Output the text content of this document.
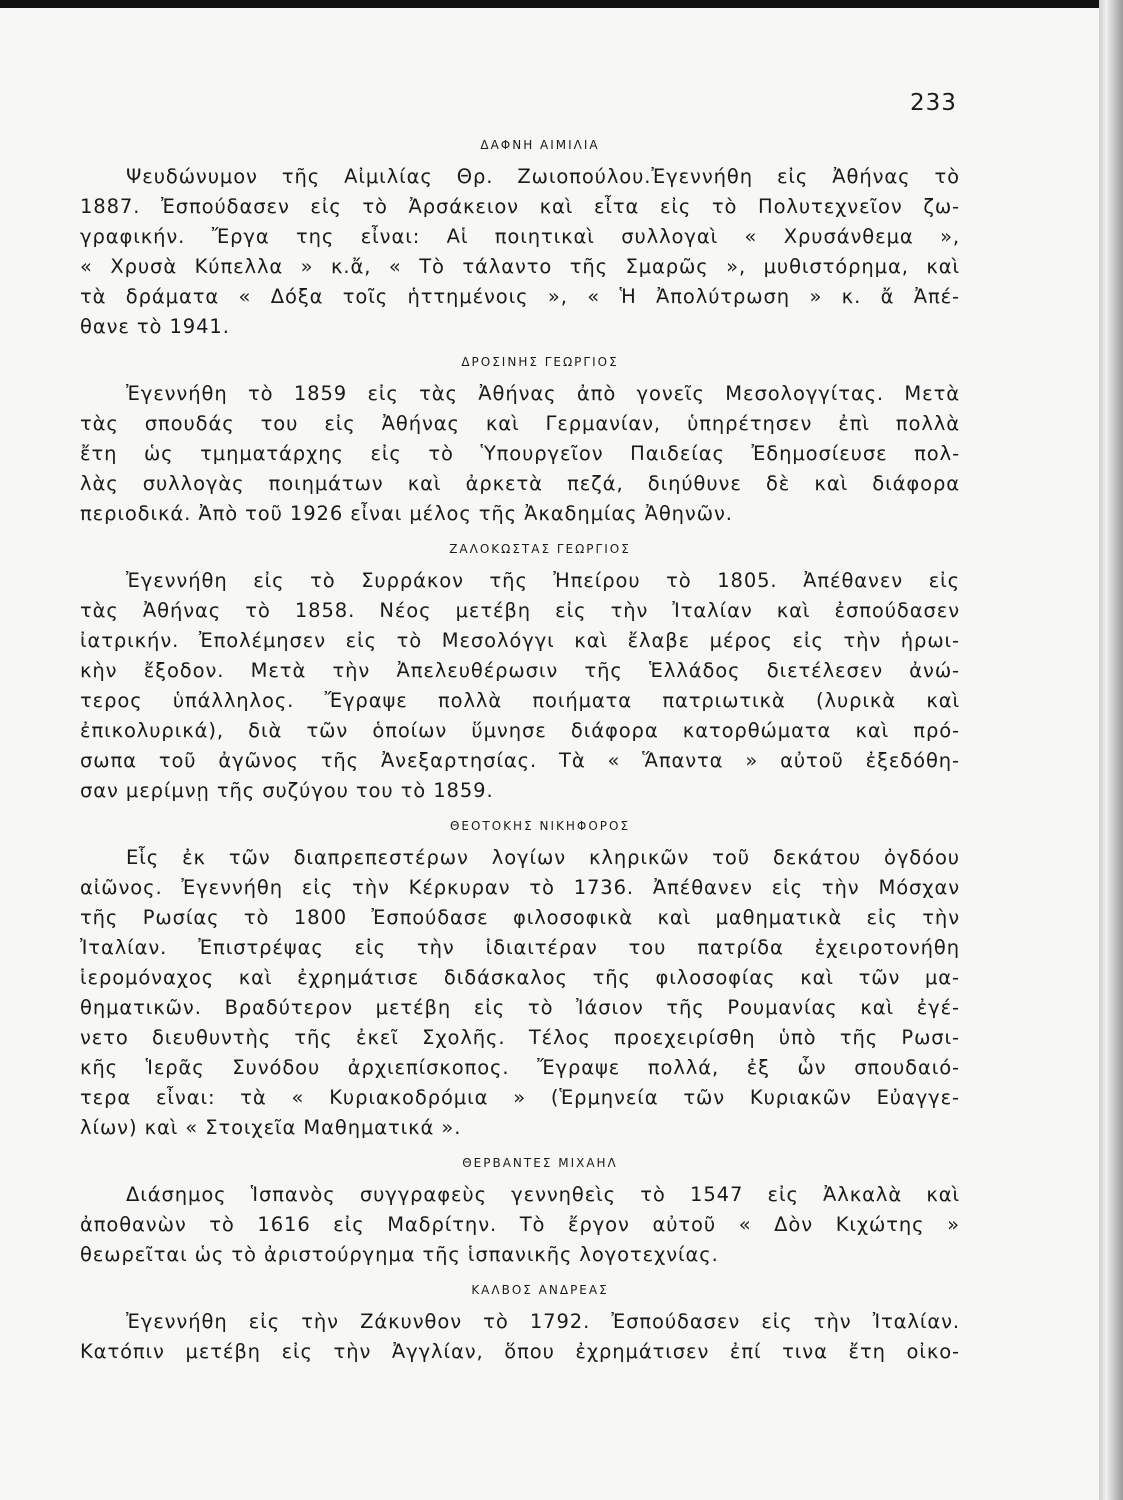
233
ΔΑΦΝΗ ΑΙΜΙΛΙΑ
Ψευδώνυμον τῆς Αἰμιλίας Θρ. Ζωιοπούλου.Ἐγεννήθη εἰς Ἀθήνας τὸ
1887. Ἐσπούδασεν εἰς τὸ Ἀρσάκειον καὶ εἶτα εἰς τὸ Πολυτεχνεῖον ζω-
γραφικήν. Ἔργα της εἶναι: Αἱ ποιητικαὶ συλλογαὶ « Χρυσάνθεμα »,
« Χρυσὰ Κύπελλα » κ.ἄ, « Τὸ τάλαντο τῆς Σμαρῶς », μυθιστόρημα, καὶ
τὰ δράματα « Δόξα τοῖς ἡττημένοις », « Ἡ Ἀπολύτρωση » κ. ἄ Ἀπέ-
θανε τὸ 1941.
ΔΡΟΣΙΝΗΣ ΓΕΩΡΓΙΟΣ
Ἐγεννήθη τὸ 1859 εἰς τὰς Ἀθήνας ἀπὸ γονεῖς Μεσολογγίτας. Μετὰ
τὰς σπουδάς του εἰς Ἀθήνας καὶ Γερμανίαν, ὑπηρέτησεν ἐπὶ πολλὰ
ἔτη ὡς τμηματάρχης εἰς τὸ Ὑπουργεῖον Παιδείας Ἐδημοσίευσε πολ-
λὰς συλλογὰς ποιημάτων καὶ ἀρκετὰ πεζά, διηύθυνε δὲ καὶ διάφορα
περιοδικά. Ἀπὸ τοῦ 1926 εἶναι μέλος τῆς Ἀκαδημίας Ἀθηνῶν.
ΖΑΛΟΚΩΣΤΑΣ ΓΕΩΡΓΙΟΣ
Ἐγεννήθη εἰς τὸ Συρράκον τῆς Ἠπείρου τὸ 1805. Ἀπέθανεν εἰς
τὰς Ἀθήνας τὸ 1858. Νέος μετέβη εἰς τὴν Ἰταλίαν καὶ ἐσπούδασεν
ἰατρικήν. Ἐπολέμησεν εἰς τὸ Μεσολόγγι καὶ ἔλαβε μέρος εἰς τὴν ἡρωι-
κὴν ἔξοδον. Μετὰ τὴν Ἀπελευθέρωσιν τῆς Ἑλλάδος διετέλεσεν ἀνώ-
τερος ὑπάλληλος. Ἔγραψε πολλὰ ποιήματα πατριωτικὰ (λυρικὰ καὶ
ἐπικολυρικά), διὰ τῶν ὁποίων ὕμνησε διάφορα κατορθώματα καὶ πρό-
σωπα τοῦ ἀγῶνος τῆς Ἀνεξαρτησίας. Τὰ « Ἅπαντα » αὐτοῦ ἐξεδόθη-
σαν μερίμνῃ τῆς συζύγου του τὸ 1859.
ΘΕΟΤΟΚΗΣ ΝΙΚΗΦΟΡΟΣ
Εἷς ἐκ τῶν διαπρεπεστέρων λογίων κληρικῶν τοῦ δεκάτου ὀγδόου
αἰῶνος. Ἐγεννήθη εἰς τὴν Κέρκυραν τὸ 1736. Ἀπέθανεν εἰς τὴν Μόσχαν
τῆς Ρωσίας τὸ 1800 Ἐσπούδασε φιλοσοφικὰ καὶ μαθηματικὰ εἰς τὴν
Ἰταλίαν. Ἐπιστρέψας εἰς τὴν ἰδιαιτέραν του πατρίδα ἐχειροτονήθη
ἱερομόναχος καὶ ἐχρημάτισε διδάσκαλος τῆς φιλοσοφίας καὶ τῶν μα-
θηματικῶν. Βραδύτερον μετέβη εἰς τὸ Ἰάσιον τῆς Ρουμανίας καὶ ἐγέ-
νετο διευθυντὴς τῆς ἐκεῖ Σχολῆς. Τέλος προεχειρίσθη ὑπὸ τῆς Ρωσι-
κῆς Ἱερᾶς Συνόδου ἀρχιεπίσκοπος. Ἔγραψε πολλά, ἐξ ὧν σπουδαιό-
τερα εἶναι: τὰ « Κυριακοδρόμια » (Ἑρμηνεία τῶν Κυριακῶν Εὐαγγε-
λίων) καὶ « Στοιχεῖα Μαθηματικά ».
ΘΕΡΒΑΝΤΕΣ ΜΙΧΑΗΛ
Διάσημος Ἱσπανὸς συγγραφεὺς γεννηθεὶς τὸ 1547 εἰς Ἀλκαλὰ καὶ
ἀποθανὼν τὸ 1616 εἰς Μαδρίτην. Τὸ ἔργον αὐτοῦ « Δὸν Κιχώτης »
θεωρεῖται ὡς τὸ ἀριστούργημα τῆς ἱσπανικῆς λογοτεχνίας.
ΚΑΛΒΟΣ ΑΝΔΡΕΑΣ
Ἐγεννήθη εἰς τὴν Ζάκυνθον τὸ 1792. Ἐσπούδασεν εἰς τὴν Ἰταλίαν.
Κατόπιν μετέβη εἰς τὴν Ἀγγλίαν, ὅπου ἐχρημάτισεν ἐπί τινα ἔτη οἰκο-
